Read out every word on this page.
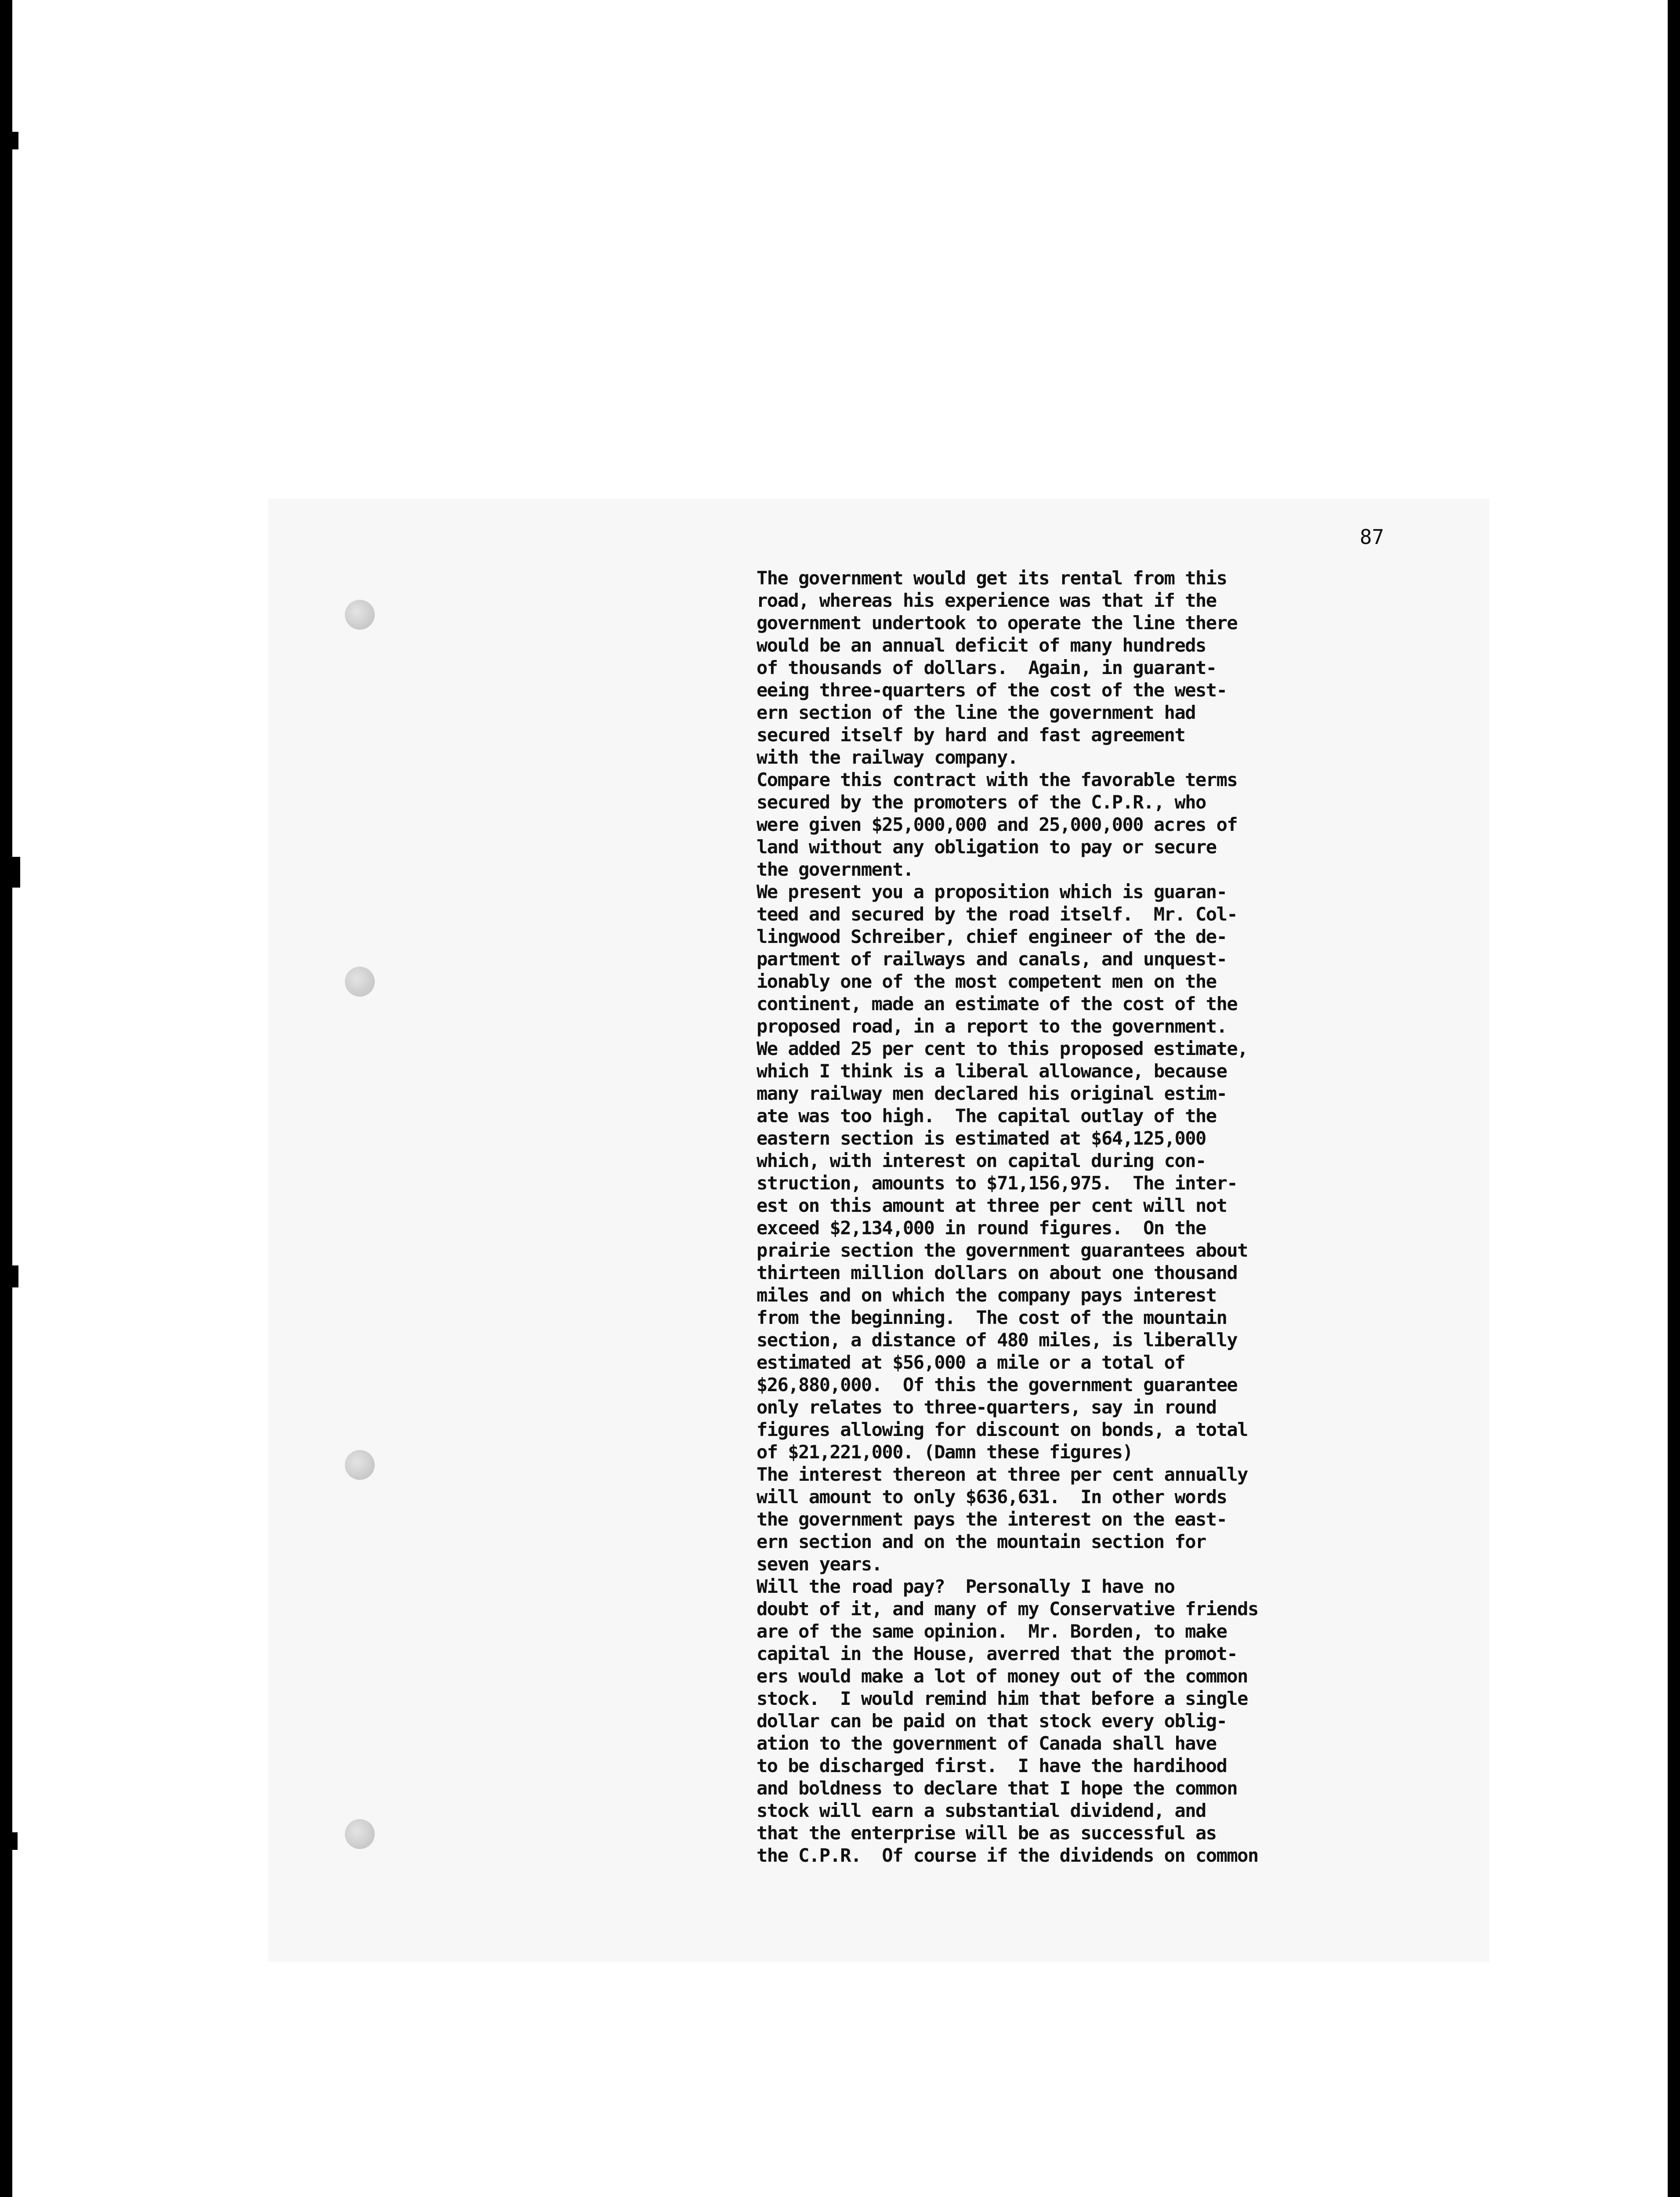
87
The government would get its rental from this
road, whereas his experience was that if the
government undertook to operate the line there
would be an annual deficit of many hundreds
of thousands of dollars.  Again, in guarant-
eeing three-quarters of the cost of the west-
ern section of the line the government had
secured itself by hard and fast agreement
with the railway company.
Compare this contract with the favorable terms
secured by the promoters of the C.P.R., who
were given $25,000,000 and 25,000,000 acres of
land without any obligation to pay or secure
the government.
We present you a proposition which is guaran-
teed and secured by the road itself.  Mr. Col-
lingwood Schreiber, chief engineer of the de-
partment of railways and canals, and unquest-
ionably one of the most competent men on the
continent, made an estimate of the cost of the
proposed road, in a report to the government.
We added 25 per cent to this proposed estimate,
which I think is a liberal allowance, because
many railway men declared his original estim-
ate was too high.  The capital outlay of the
eastern section is estimated at $64,125,000
which, with interest on capital during con-
struction, amounts to $71,156,975.  The inter-
est on this amount at three per cent will not
exceed $2,134,000 in round figures.  On the
prairie section the government guarantees about
thirteen million dollars on about one thousand
miles and on which the company pays interest
from the beginning.  The cost of the mountain
section, a distance of 480 miles, is liberally
estimated at $56,000 a mile or a total of
$26,880,000.  Of this the government guarantee
only relates to three-quarters, say in round
figures allowing for discount on bonds, a total
of $21,221,000. (Damn these figures)
The interest thereon at three per cent annually
will amount to only $636,631.  In other words
the government pays the interest on the east-
ern section and on the mountain section for
seven years.
Will the road pay?  Personally I have no
doubt of it, and many of my Conservative friends
are of the same opinion.  Mr. Borden, to make
capital in the House, averred that the promot-
ers would make a lot of money out of the common
stock.  I would remind him that before a single
dollar can be paid on that stock every oblig-
ation to the government of Canada shall have
to be discharged first.  I have the hardihood
and boldness to declare that I hope the common
stock will earn a substantial dividend, and
that the enterprise will be as successful as
the C.P.R.  Of course if the dividends on common
